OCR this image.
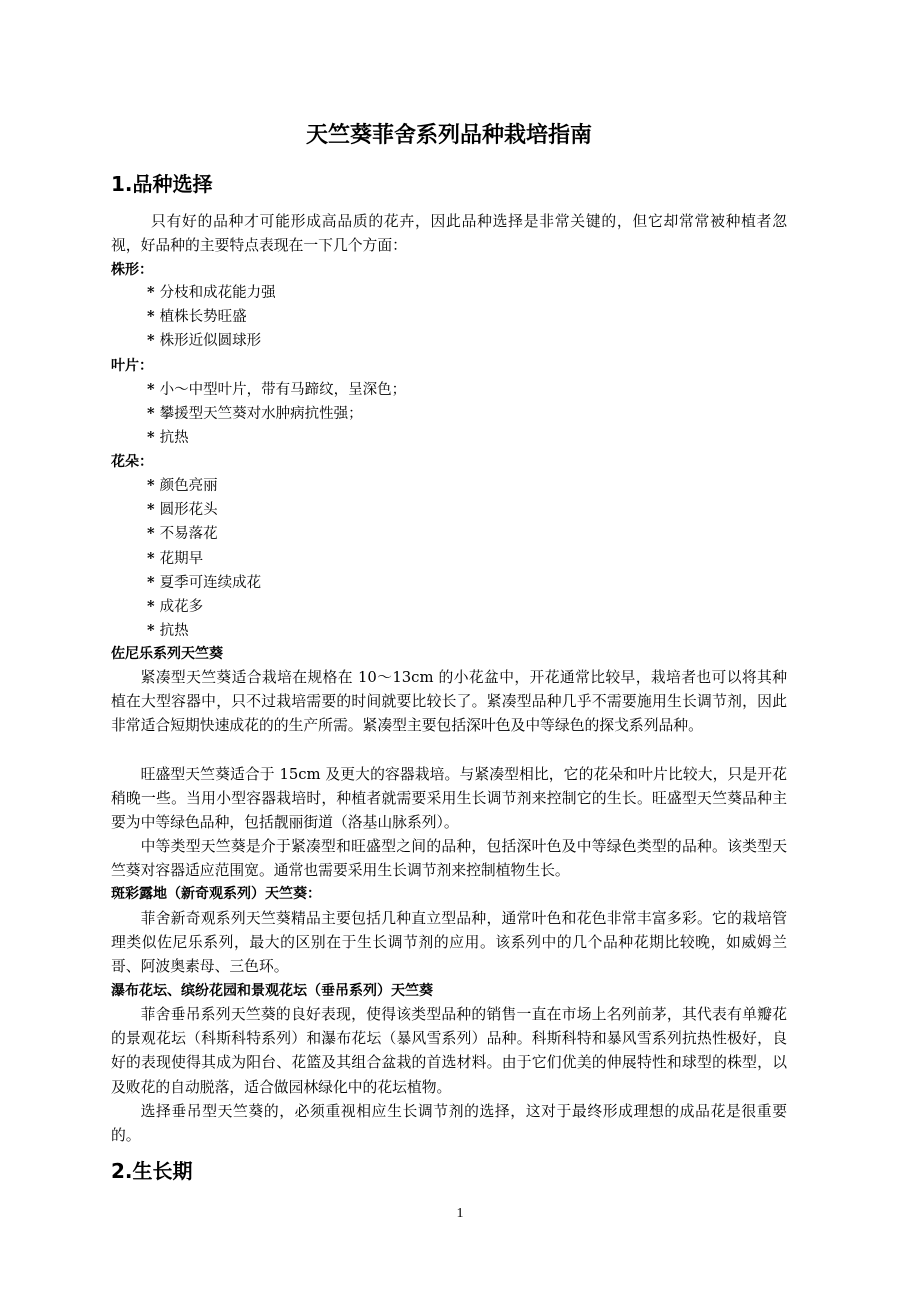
天竺葵菲舍系列品种栽培指南
1.品种选择

只有好的品种才可能形成高品质的花卉，因此品种选择是非常关键的，但它却常常被种植者忽视，好品种的主要特点表现在一下几个方面：

株形：
* 分枝和成花能力强
* 植株长势旺盛
* 株形近似圆球形
叶片：
* 小～中型叶片，带有马蹄纹，呈深色；
* 攀援型天竺葵对水肿病抗性强；
* 抗热
花朵：
* 颜色亮丽
* 圆形花头
* 不易落花
* 花期早
* 夏季可连续成花
* 成花多
* 抗热
佐尼乐系列天竺葵

紧凑型天竺葵适合栽培在规格在 10～13cm 的小花盆中，开花通常比较早，栽培者也可以将其种植在大型容器中，只不过栽培需要的时间就要比较长了。紧凑型品种几乎不需要施用生长调节剂，因此非常适合短期快速成花的的生产所需。紧凑型主要包括深叶色及中等绿色的探戈系列品种。

旺盛型天竺葵适合于 15cm 及更大的容器栽培。与紧凑型相比，它的花朵和叶片比较大，只是开花稍晚一些。当用小型容器栽培时，种植者就需要采用生长调节剂来控制它的生长。旺盛型天竺葵品种主要为中等绿色品种，包括靓丽街道（洛基山脉系列）。

中等类型天竺葵是介于紧凑型和旺盛型之间的品种，包括深叶色及中等绿色类型的品种。该类型天竺葵对容器适应范围宽。通常也需要采用生长调节剂来控制植物生长。

斑彩露地（新奇观系列）天竺葵：

菲舍新奇观系列天竺葵精品主要包括几种直立型品种，通常叶色和花色非常丰富多彩。它的栽培管理类似佐尼乐系列，最大的区别在于生长调节剂的应用。该系列中的几个品种花期比较晚，如威姆兰哥、阿波奥素母、三色环。

瀑布花坛、缤纷花园和景观花坛（垂吊系列）天竺葵

菲舍垂吊系列天竺葵的良好表现，使得该类型品种的销售一直在市场上名列前茅，其代表有单瓣花的景观花坛（科斯科特系列）和瀑布花坛（暴风雪系列）品种。科斯科特和暴风雪系列抗热性极好，良好的表现使得其成为阳台、花篮及其组合盆栽的首选材料。由于它们优美的伸展特性和球型的株型，以及败花的自动脱落，适合做园林绿化中的花坛植物。

选择垂吊型天竺葵的，必须重视相应生长调节剂的选择，这对于最终形成理想的成品花是很重要的。

2.生长期
1
